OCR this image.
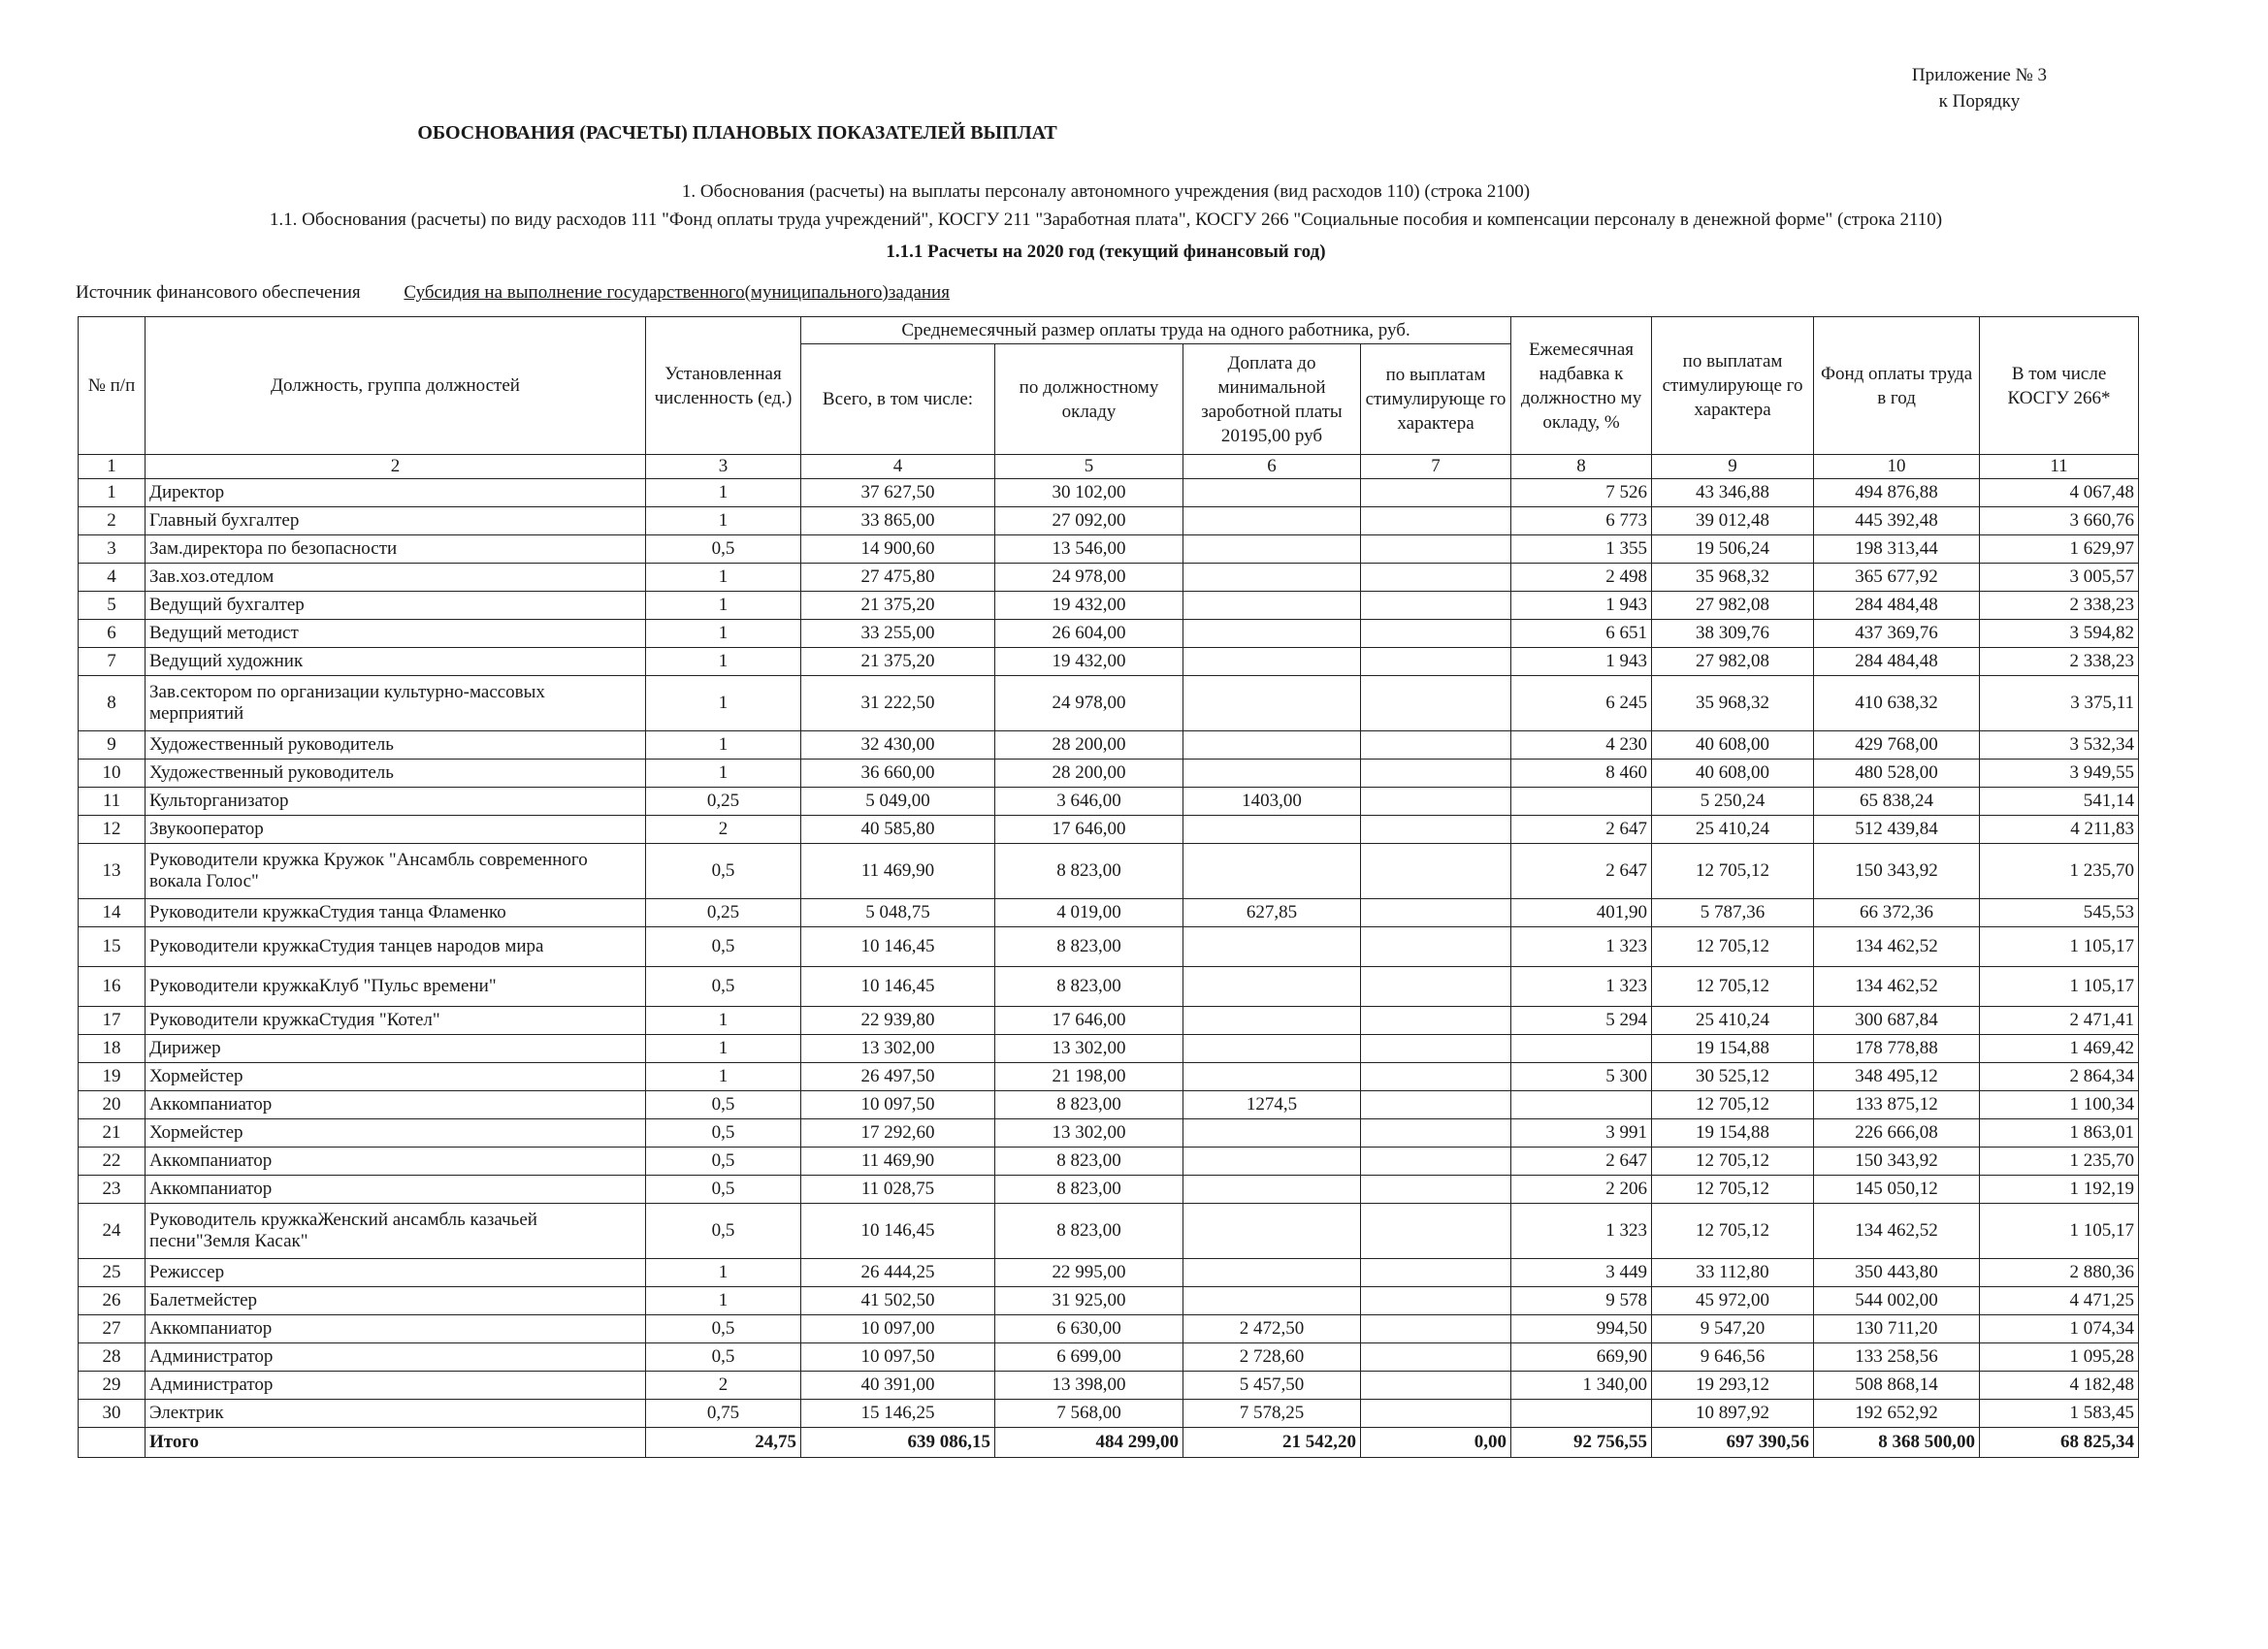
Приложение № 3
к Порядку
ОБОСНОВАНИЯ (РАСЧЕТЫ) ПЛАНОВЫХ ПОКАЗАТЕЛЕЙ ВЫПЛАТ
1. Обоснования (расчеты) на выплаты персоналу автономного учреждения (вид расходов 110) (строка 2100)
1.1. Обоснования (расчеты) по виду расходов 111 "Фонд оплаты труда учреждений", КОСГУ 211 "Заработная плата", КОСГУ 266 "Социальные пособия и компенсации персоналу в денежной форме" (строка 2110)
1.1.1 Расчеты на 2020 год (текущий финансовый год)
Источник финансового обеспечения Субсидия на выполнение государственного(муниципального)задания
№ п/п	Должность, группа должностей	Установленная численность (ед.)	Среднемесячный размер оплаты труда на одного работника, руб.				Ежемесячная надбавка к должностно му окладу, %	по выплатам стимулирующе го характера	Фонд оплаты труда в год	В том числе КОСГУ 266*
			Всего, в том числе:	по должностному окладу	Доплата до минимальной зароботной платы 20195,00 руб	по выплатам стимулирующе го характера				
1	2	3	4	5	6	7	8	9	10	11
1	Директор	1	37 627,50	30 102,00			7 526	43 346,88	494 876,88	4 067,48
2	Главный бухгалтер	1	33 865,00	27 092,00			6 773	39 012,48	445 392,48	3 660,76
3	Зам.директора по безопасности	0,5	14 900,60	13 546,00			1 355	19 506,24	198 313,44	1 629,97
4	Зав.хоз.отедлом	1	27 475,80	24 978,00			2 498	35 968,32	365 677,92	3 005,57
5	Ведущий бухгалтер	1	21 375,20	19 432,00			1 943	27 982,08	284 484,48	2 338,23
6	Ведущий методист	1	33 255,00	26 604,00			6 651	38 309,76	437 369,76	3 594,82
7	Ведущий художник	1	21 375,20	19 432,00			1 943	27 982,08	284 484,48	2 338,23
8	Зав.сектором по организации культурно-массовых мерприятий	1	31 222,50	24 978,00			6 245	35 968,32	410 638,32	3 375,11
9	Художественный руководитель	1	32 430,00	28 200,00			4 230	40 608,00	429 768,00	3 532,34
10	Художественный руководитель	1	36 660,00	28 200,00			8 460	40 608,00	480 528,00	3 949,55
11	Культорганизатор	0,25	5 049,00	3 646,00	1403,00			5 250,24	65 838,24	541,14
12	Звукооператор	2	40 585,80	17 646,00			2 647	25 410,24	512 439,84	4 211,83
13	Руководители кружка Кружок "Ансамбль современного вокала Голос"	0,5	11 469,90	8 823,00			2 647	12 705,12	150 343,92	1 235,70
14	Руководители кружкаСтудия танца Фламенко	0,25	5 048,75	4 019,00	627,85		401,90	5 787,36	66 372,36	545,53
15	Руководители кружкаСтудия танцев народов мира	0,5	10 146,45	8 823,00			1 323	12 705,12	134 462,52	1 105,17
16	Руководители кружкаКлуб "Пульс времени"	0,5	10 146,45	8 823,00			1 323	12 705,12	134 462,52	1 105,17
17	Руководители кружкаСтудия "Котел"	1	22 939,80	17 646,00			5 294	25 410,24	300 687,84	2 471,41
18	Дирижер	1	13 302,00	13 302,00				19 154,88	178 778,88	1 469,42
19	Хормейстер	1	26 497,50	21 198,00			5 300	30 525,12	348 495,12	2 864,34
20	Аккомпаниатор	0,5	10 097,50	8 823,00	1274,5			12 705,12	133 875,12	1 100,34
21	Хормейстер	0,5	17 292,60	13 302,00			3 991	19 154,88	226 666,08	1 863,01
22	Аккомпаниатор	0,5	11 469,90	8 823,00			2 647	12 705,12	150 343,92	1 235,70
23	Аккомпаниатор	0,5	11 028,75	8 823,00			2 206	12 705,12	145 050,12	1 192,19
24	Руководитель кружкаЖенский ансамбль казачьей песни"Земля Касак"	0,5	10 146,45	8 823,00			1 323	12 705,12	134 462,52	1 105,17
25	Режиссер	1	26 444,25	22 995,00			3 449	33 112,80	350 443,80	2 880,36
26	Балетмейстер	1	41 502,50	31 925,00			9 578	45 972,00	544 002,00	4 471,25
27	Аккомпаниатор	0,5	10 097,00	6 630,00	2 472,50		994,50	9 547,20	130 711,20	1 074,34
28	Администратор	0,5	10 097,50	6 699,00	2 728,60		669,90	9 646,56	133 258,56	1 095,28
29	Администратор	2	40 391,00	13 398,00	5 457,50		1 340,00	19 293,12	508 868,14	4 182,48
30	Электрик	0,75	15 146,25	7 568,00	7 578,25			10 897,92	192 652,92	1 583,45
	Итого	24,75	639 086,15	484 299,00	21 542,20	0,00	92 756,55	697 390,56	8 368 500,00	68 825,34
